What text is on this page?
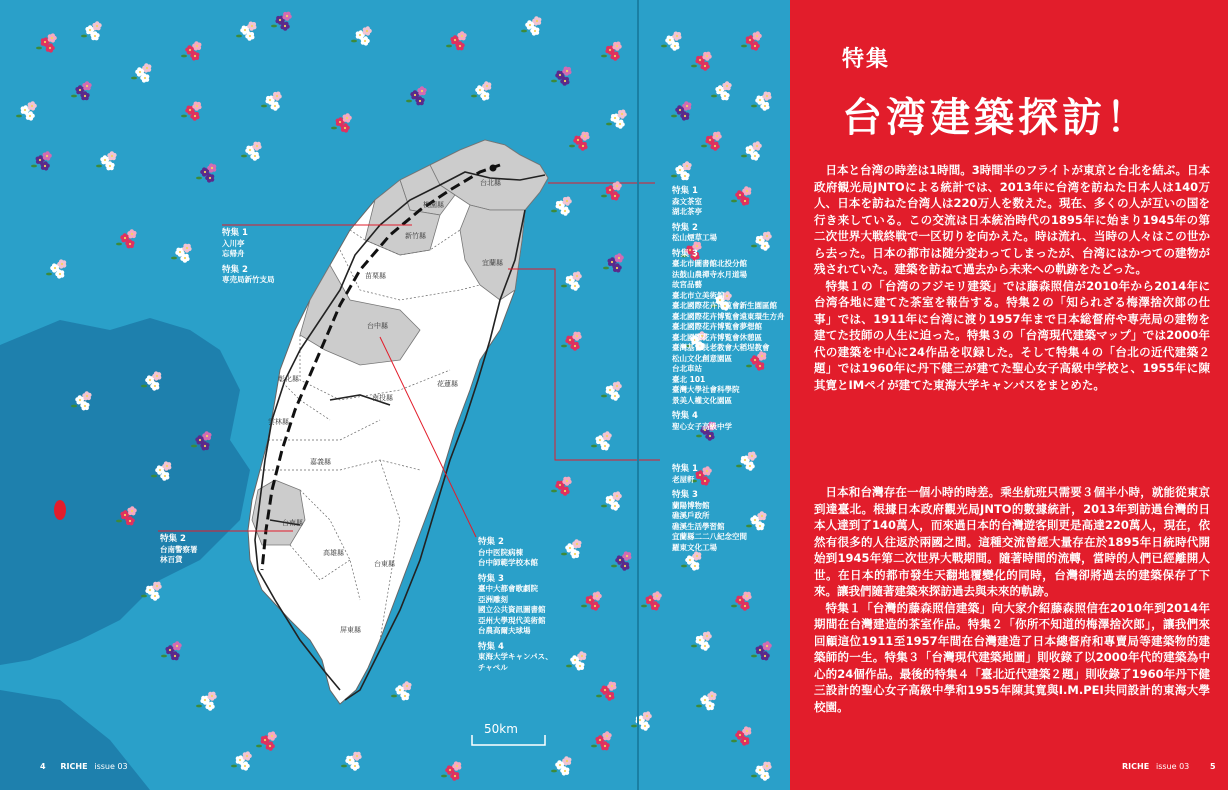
台北縣
桃園縣
新竹縣
宜蘭縣
苗栗縣
台中縣
彰化縣
南投縣
花蓮縣
雲林縣
嘉義縣
台南縣
高雄縣
台東縣
屏東縣
50km
特集 1
入川亭
忘帰舟
特集 2
専売局新竹支局
特集 1
森文茶室
湖北茶亭
特集 2
松山煙草工場
特集 3
臺北市圖書館北投分館
法鼓山農禪寺水月道場
故宮品藝
臺北市立美術館
臺北國際花卉博覧會新生園區館
臺北國際花卉博覧會遠東環生方舟
臺北國際花卉博覧會夢想館
臺北國際花卉博覧會休憩區
臺灣基督長老教會大稻埕教會
松山文化創意園區
台北車站
臺北 101
臺灣大學社會科學院
景美人權文化園區
特集 4
聖心女子高級中学
特集 1
老屋軒
特集 3
蘭陽博物館
礁溪戶政所
礁溪生活學習館
宜蘭縣二二八紀念空間
羅東文化工場
特集 2
台南警察署
林百貨
特集 2
台中医院病棟
台中師範学校本館
特集 3
臺中大都會歌劇院
亞洲雕刻
國立公共資訊圖書館
亞州大學現代美術館
台農高爾夫球場
特集 4
東海大学キャンパス、
チャペル
4 RICHE issue 03
特集
台湾建築探訪！

日本と台湾の時差は1時間。3時間半のフライトが東京と台北を結ぶ。日本政府観光局JNTOによる統計では、2013年に台湾を訪ねた日本人は140万人、日本を訪ねた台湾人は220万人を数えた。現在、多くの人が互いの国を行き来している。この交流は日本統治時代の1895年に始まり1945年の第二次世界大戦終戦で一区切りを向かえた。時は流れ、当時の人々はこの世から去った。日本の都市は随分変わってしまったが、台湾にはかつての建物が残されていた。建築を訪ねて過去から未来への軌跡をたどった。

特集１の「台湾のフジモリ建築」では藤森照信が2010年から2014年に台湾各地に建てた茶室を報告する。特集２の「知られざる梅澤捨次郎の仕事」では、1911年に台湾に渡り1957年まで日本総督府や専売局の建物を建てた技師の人生に迫った。特集３の「台湾現代建築マップ」では2000年代の建築を中心に24作品を収録した。そして特集４の「台北の近代建築２題」では1960年に丹下健三が建てた聖心女子高級中学校と、1955年に陳其寛とIMペイが建てた東海大学キャンパスをまとめた。

日本和台灣存在一個小時的時差。乘坐航班只需要３個半小時，就能從東京到達臺北。根據日本政府觀光局JNTO的數據統計，2013年到訪過台灣的日本人達到了140萬人，而來過日本的台灣遊客則更是高達220萬人，現在，依然有很多的人往返於兩國之間。這種交流曾經大量存在於1895年日統時代開始到1945年第二次世界大戰期間。隨著時間的流轉，當時的人們已經離開人世。在日本的都市發生天翻地覆變化的同時，台灣卻將過去的建築保存了下來。讓我們隨著建築來探訪過去與未來的軌跡。

特集１「台灣的藤森照信建築」向大家介紹藤森照信在2010年到2014年期間在台灣建造的茶室作品。特集２「你所不知道的梅澤捨次郎」，讓我們來回顧這位1911至1957年間在台灣建造了日本總督府和專賣局等建築物的建築師的一生。特集３「台灣現代建築地圖」則收錄了以2000年代的建築為中心的24個作品。最後的特集４「臺北近代建築２題」則收錄了1960年丹下健三設計的聖心女子高級中學和1955年陳其寬與I.M.PEI共同設計的東海大學校園。

RICHE issue 03	5
